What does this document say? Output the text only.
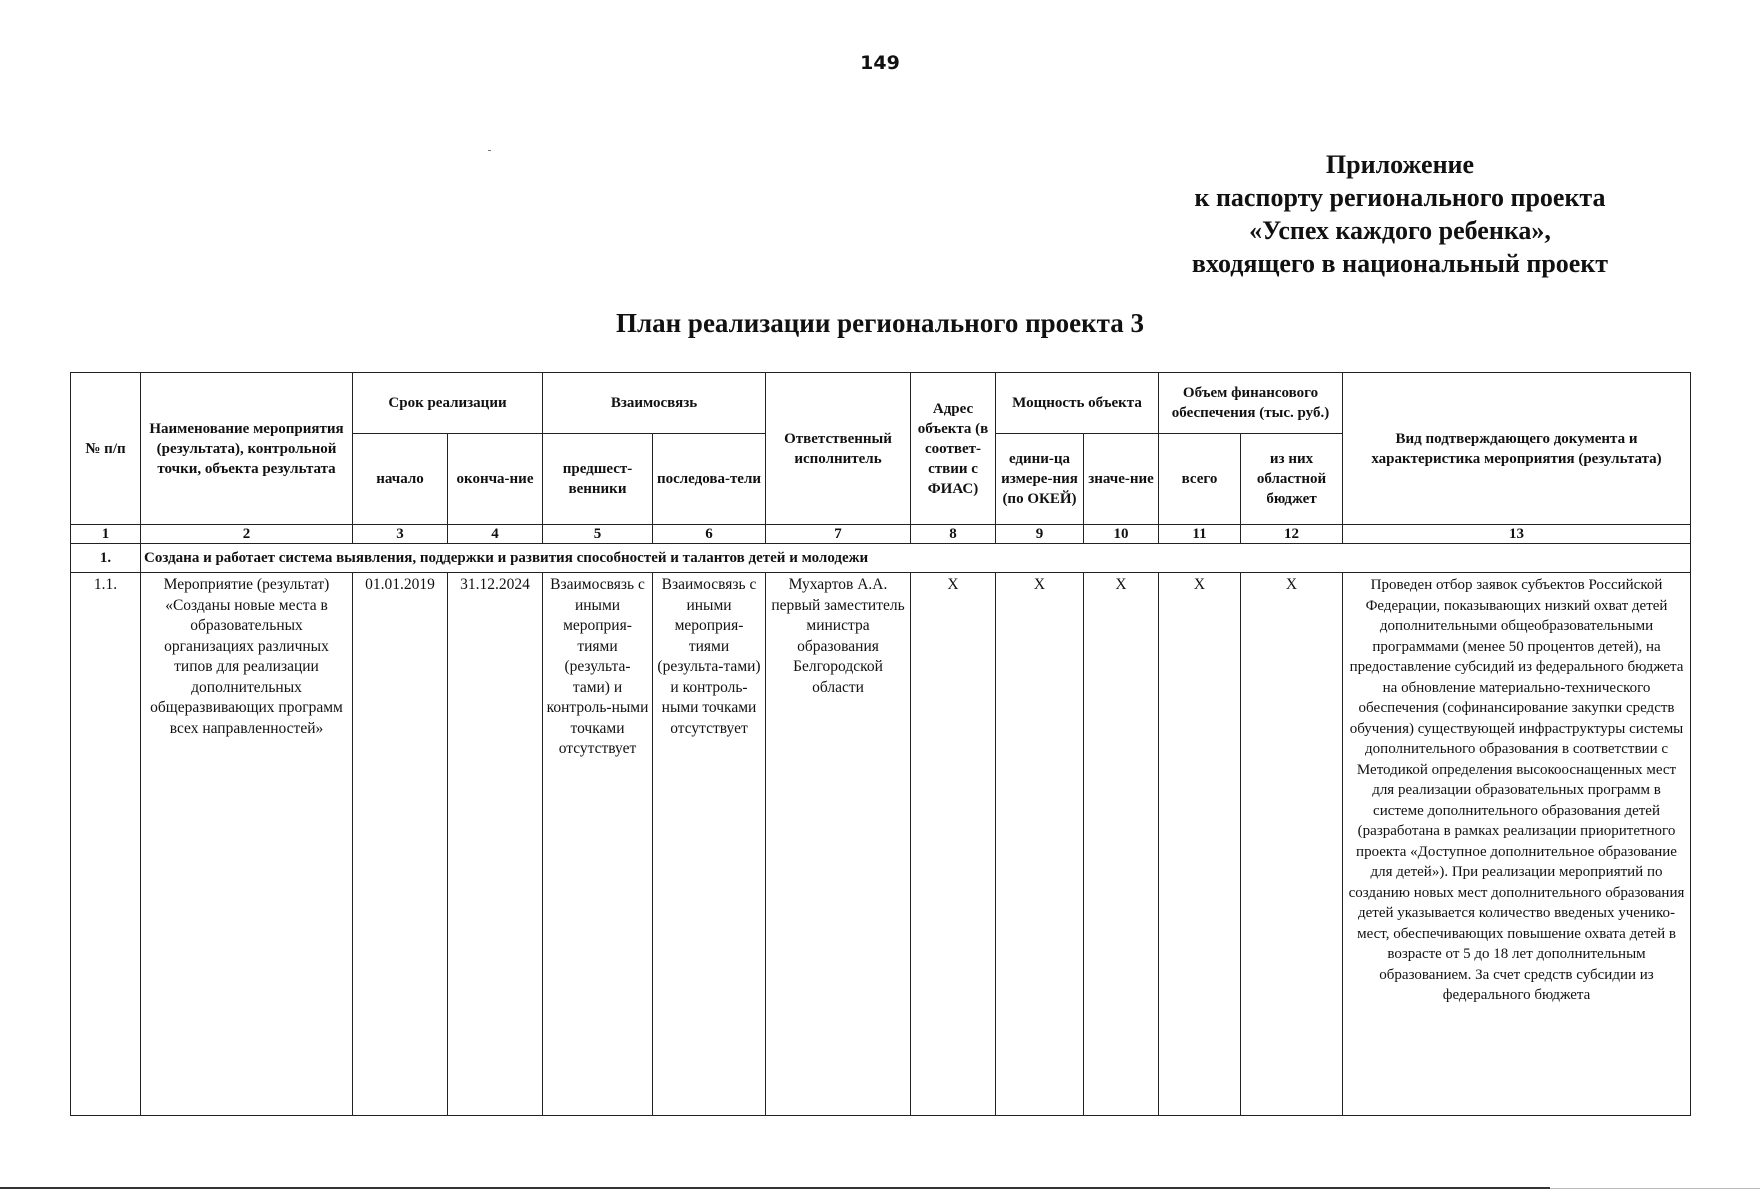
149
Приложение
к паспорту регионального проекта
«Успех каждого ребенка»,
входящего в национальный проект
План реализации регионального проекта 3
№ п/п	Наименование мероприятия (результата), контрольной точки, объекта результата	Срок реализации		Взаимосвязь		Ответственный исполнитель	Адрес объекта (в соответ-ствии с ФИАС)	Мощность объекта		Объем финансового обеспечения (тыс. руб.)		Вид подтверждающего документа и характеристика мероприятия (результата)
		начало	оконча-ние	предшест-венники	последова-тели			едини-ца измере-ния (по ОКЕЙ)	значе-ние	всего	из них областной бюджет	
1	2	3	4	5	6	7	8	9	10	11	12	13
1.	Создана и работает система выявления, поддержки и развития способностей и талантов детей и молодежи											
1.1.	Мероприятие (результат) «Созданы новые места в образовательных организациях различных типов для реализации дополнительных общеразвивающих программ всех направленностей»	01.01.2019	31.12.2024	Взаимосвязь с иными мероприя-тиями (результа-тами) и контроль-ными точками отсутствует	Взаимосвязь с иными мероприя-тиями (результа-тами) и контроль-ными точками отсутствует	Мухартов А.А. первый заместитель министра образования Белгородской области	X	X	X	X	X	Проведен отбор заявок субъектов Российской Федерации, показывающих низкий охват детей дополнительными общеобразовательными программами (менее 50 процентов детей), на предоставление субсидий из федерального бюджета на обновление материально-технического обеспечения (софинансирование закупки средств обучения) существующей инфраструктуры системы дополнительного образования в соответствии с Методикой определения высокооснащенных мест для реализации образовательных программ в системе дополнительного образования детей (разработана в рамках реализации приоритетного проекта «Доступное дополнительное образование для детей»). При реализации мероприятий по созданию новых мест дополнительного образования детей указывается количество введеных ученико-мест, обеспечивающих повышение охвата детей в возрасте от 5 до 18 лет дополнительным образованием. За счет средств субсидии из федерального бюджета
